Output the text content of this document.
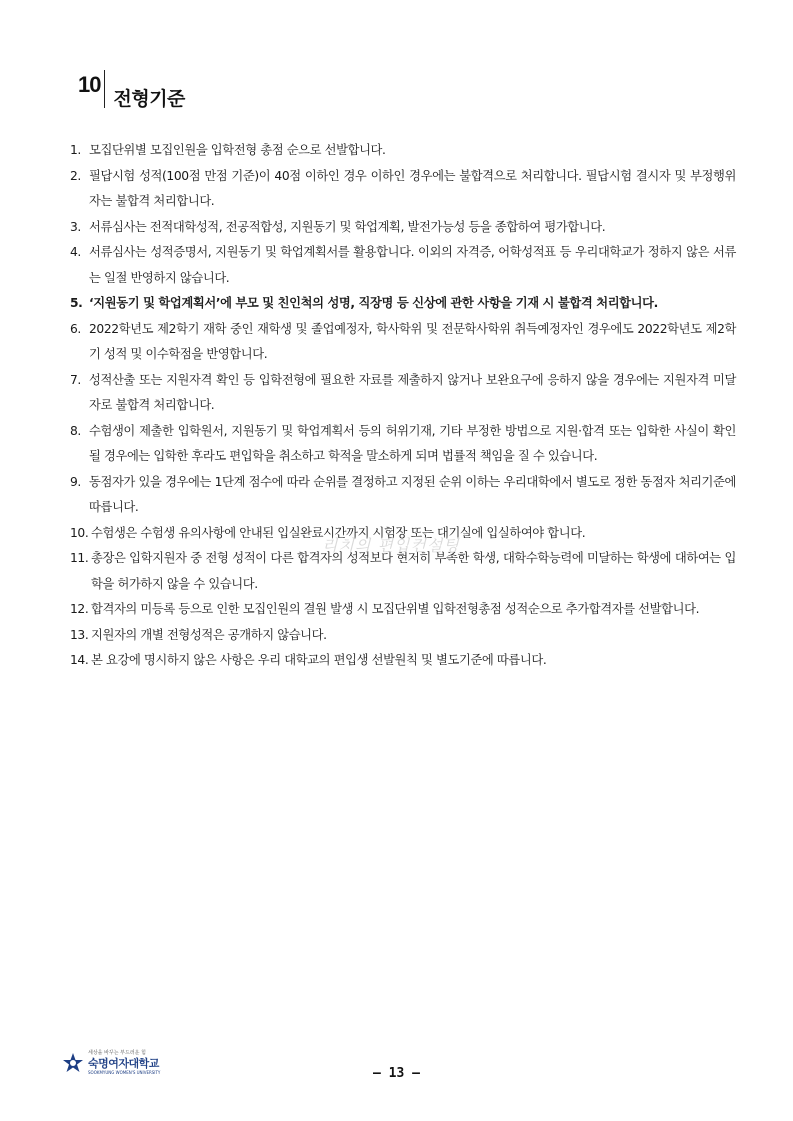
10
전형기준
1. 모집단위별 모집인원을 입학전형 총점 순으로 선발합니다.
2. 필답시험 성적(100점 만점 기준)이 40점 이하인 경우 이하인 경우에는 불합격으로 처리합니다. 필답시험 결시자 및 부정행위자는 불합격 처리합니다.
3. 서류심사는 전적대학성적, 전공적합성, 지원동기 및 학업계획, 발전가능성 등을 종합하여 평가합니다.
4. 서류심사는 성적증명서, 지원동기 및 학업계획서를 활용합니다. 이외의 자격증, 어학성적표 등 우리대학교가 정하지 않은 서류는 일절 반영하지 않습니다.
5. ‘지원동기 및 학업계획서’에 부모 및 친인척의 성명, 직장명 등 신상에 관한 사항을 기재 시 불합격 처리합니다.
6. 2022학년도 제2학기 재학 중인 재학생 및 졸업예정자, 학사학위 및 전문학사학위 취득예정자인 경우에도 2022학년도 제2학기 성적 및 이수학점을 반영합니다.
7. 성적산출 또는 지원자격 확인 등 입학전형에 필요한 자료를 제출하지 않거나 보완요구에 응하지 않을 경우에는 지원자격 미달자로 불합격 처리합니다.
8. 수험생이 제출한 입학원서, 지원동기 및 학업계획서 등의 허위기재, 기타 부정한 방법으로 지원·합격 또는 입학한 사실이 확인될 경우에는 입학한 후라도 편입학을 취소하고 학적을 말소하게 되며 법률적 책임을 질 수 있습니다.
9. 동점자가 있을 경우에는 1단계 점수에 따라 순위를 결정하고 지정된 순위 이하는 우리대학에서 별도로 정한 동점자 처리기준에 따릅니다.
10. 수험생은 수험생 유의사항에 안내된 입실완료시간까지 시험장 또는 대기실에 입실하여야 합니다.
11. 총장은 입학지원자 중 전형 성적이 다른 합격자의 성적보다 현저히 부족한 학생, 대학수학능력에 미달하는 학생에 대하여는 입학을 허가하지 않을 수 있습니다.
12. 합격자의 미등록 등으로 인한 모집인원의 결원 발생 시 모집단위별 입학전형총점 성적순으로 추가합격자를 선발합니다.
13. 지원자의 개별 전형성적은 공개하지 않습니다.
14. 본 요강에 명시하지 않은 사항은 우리 대학교의 편입생 선발원칙 및 별도기준에 따릅니다.
리치의 편입컨설팅
세상을 바꾸는 부드러운 힘
숙명여자대학교
SOOKMYUNG WOMEN'S UNIVERSITY	– 13 –
